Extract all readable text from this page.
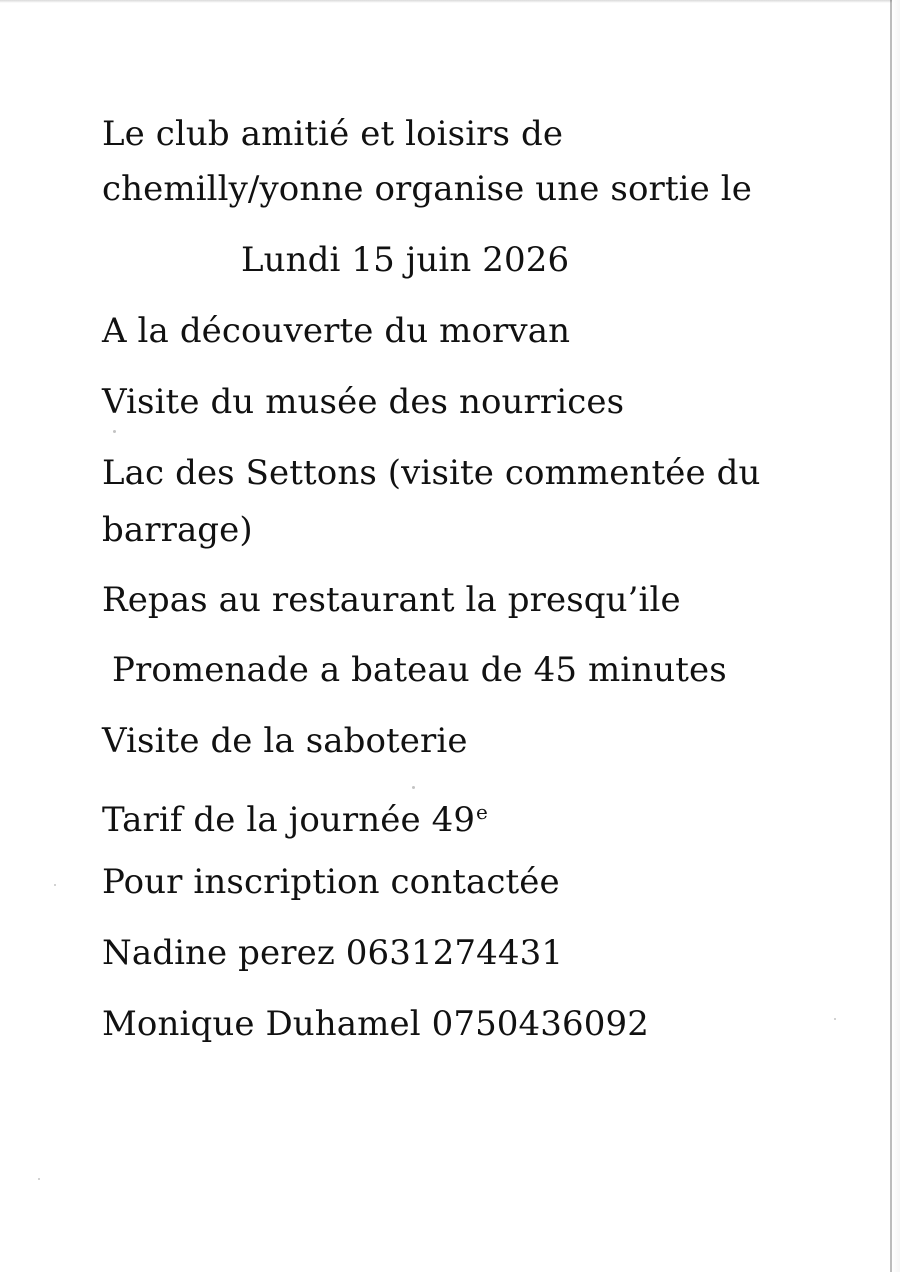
Le club amitié et loisirs de

chemilly/yonne organise une sortie le

Lundi 15 juin 2026

A la découverte du morvan

Visite du musée des nourrices

Lac des Settons (visite commentée du

barrage)

Repas au restaurant la presqu’ile

Promenade a bateau de 45 minutes

Visite de la saboterie

Tarif de la journée 49e

Pour inscription contactée

Nadine perez 0631274431

Monique Duhamel 0750436092
